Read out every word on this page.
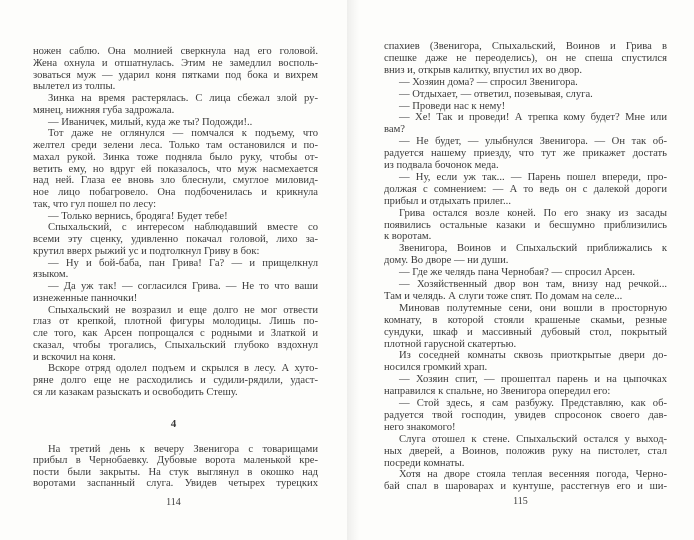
4
114
ножен саблю. Она молнией сверкнула над его головой.
Жена охнула и отшатнулась. Этим не замедлил восполь-
зоваться муж — ударил коня пятками под бока и вихрем
вылетел из толпы.
Зинка на время растерялась. С лица сбежал злой ру-
мянец, нижняя губа задрожала.
— Иваничек, милый, куда же ты? Подожди!..
Тот даже не оглянулся — помчался к подъему, что
желтел среди зелени леса. Только там остановился и по-
махал рукой. Зинка тоже подняла было руку, чтобы от-
ветить ему, но вдруг ей показалось, что муж насмехается
над ней. Глаза ее вновь зло блеснули, смуглое миловид-
ное лицо побагровело. Она подбоченилась и крикнула
так, что гул пошел по лесу:
— Только вернись, бродяга! Будет тебе!
Спыхальский, с интересом наблюдавший вместе со
всеми эту сценку, удивленно покачал головой, лихо за-
крутил вверх рыжий ус и подтолкнул Гриву в бок:
— Ну и бой-баба, пан Грива! Га? — и прищелкнул
языком.
— Да уж так! — согласился Грива. — Не то что ваши
изнеженные панночки!
Спыхальский не возразил и еще долго не мог отвести
глаз от крепкой, плотной фигуры молодицы. Лишь по-
сле того, как Арсен попрощался с родными и Златкой и
сказал, чтобы трогались, Спыхальский глубоко вздохнул
и вскочил на коня.
Вскоре отряд одолел подъем и скрылся в лесу. А хуто-
ряне долго еще не расходились и судили-рядили, удаст-
ся ли казакам разыскать и освободить Стешу.
На третий день к вечеру Звенигора с товарищами
прибыл в Чернобаевку. Дубовые ворота маленькой кре-
пости были закрыты. На стук выглянул в окошко над
воротами заспанный слуга. Увидев четырех турецких
115
спахиев (Звенигора, Спыхальский, Воинов и Грива в
спешке даже не переоделись), он не спеша спустился
вниз и, открыв калитку, впустил их во двор.
— Хозяин дома? — спросил Звенигора.
— Отдыхает, — ответил, позевывая, слуга.
— Проведи нас к нему!
— Хе! Так и проведи! А трепка кому будет? Мне или
вам?
— Не будет, — улыбнулся Звенигора. — Он так об-
радуется нашему приезду, что тут же прикажет достать
из подвала бочонок меда.
— Ну, если уж так... — Парень пошел впереди, про-
должая с сомнением: — А то ведь он с далекой дороги
прибыл и отдыхать прилег...
Грива остался возле коней. По его знаку из засады
появились остальные казаки и бесшумно приблизились
к воротам.
Звенигора, Воинов и Спыхальский приближались к
дому. Во дворе — ни души.
— Где же челядь пана Чернобая? — спросил Арсен.
— Хозяйственный двор вон там, внизу над речкой...
Там и челядь. А слуги тоже спят. По домам на селе...
Миновав полутемные сени, они вошли в просторную
комнату, в которой стояли крашеные скамьи, резные
сундуки, шкаф и массивный дубовый стол, покрытый
плотной гарусной скатертью.
Из соседней комнаты сквозь приоткрытые двери до-
носился громкий храп.
— Хозяин спит, — прошептал парень и на цыпочках
направился к спальне, но Звенигора опередил его:
— Стой здесь, я сам разбужу. Представляю, как об-
радуется твой господин, увидев спросонок своего дав-
него знакомого!
Слуга отошел к стене. Спыхальский остался у выход-
ных дверей, а Воинов, положив руку на пистолет, стал
посреди комнаты.
Хотя на дворе стояла теплая весенняя погода, Черно-
бай спал в шароварах и кунтуше, расстегнув его и ши-
